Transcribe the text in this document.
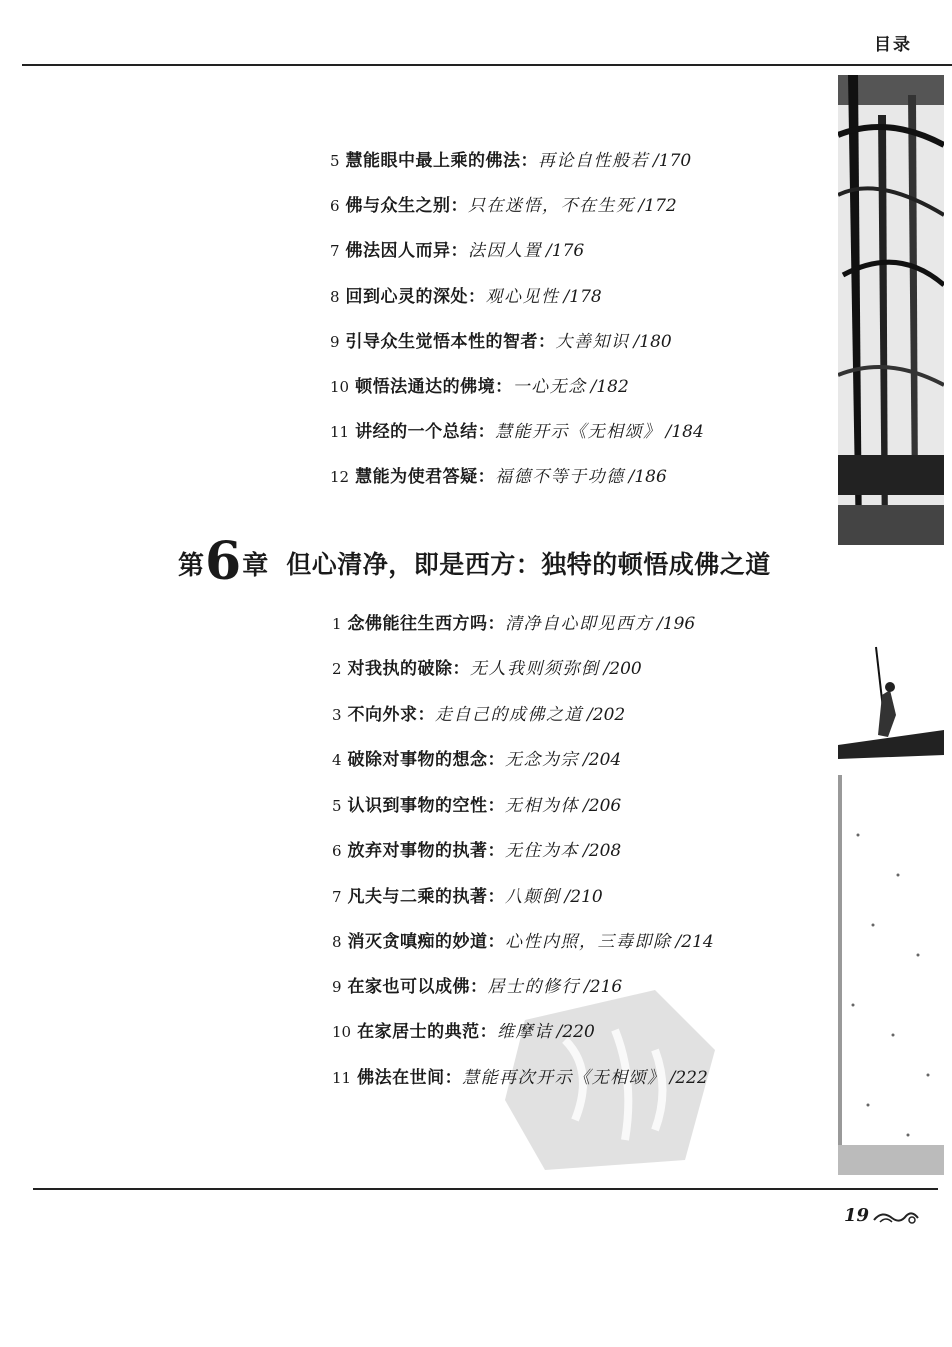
目录
5 慧能眼中最上乘的佛法：再论自性般若 /170
6 佛与众生之别：只在迷悟，不在生死 /172
7 佛法因人而异：法因人置 /176
8 回到心灵的深处：观心见性 /178
9 引导众生觉悟本性的智者：大善知识 /180
10 顿悟法通达的佛境：一心无念 /182
11 讲经的一个总结：慧能开示《无相颂》 /184
12 慧能为使君答疑：福德不等于功德 /186
第 6 章 但心清净，即是西方：独特的顿悟成佛之道
1 念佛能往生西方吗：清净自心即见西方 /196
2 对我执的破除：无人我则须弥倒 /200
3 不向外求：走自己的成佛之道 /202
4 破除对事物的想念：无念为宗 /204
5 认识到事物的空性：无相为体 /206
6 放弃对事物的执著：无住为本 /208
7 凡夫与二乘的执著：八颠倒 /210
8 消灭贪嗔痴的妙道：心性内照，三毒即除 /214
9 在家也可以成佛：居士的修行 /216
10 在家居士的典范：维摩诘 /220
11 佛法在世间：慧能再次开示《无相颂》 /222
19
